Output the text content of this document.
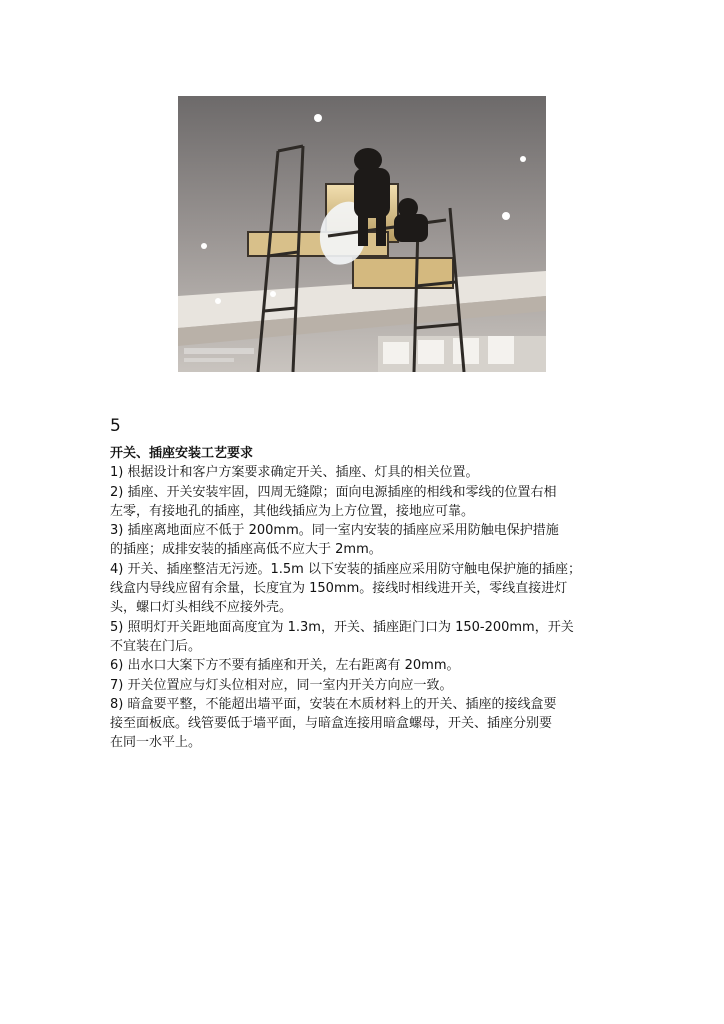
5

开关、插座安装工艺要求

1) 根据设计和客户方案要求确定开关、插座、灯具的相关位置。

2) 插座、开关安装牢固，四周无缝隙；面向电源插座的相线和零线的位置右相

左零，有接地孔的插座，其他线插应为上方位置，接地应可靠。

3) 插座离地面应不低于 200mm。同一室内安装的插座应采用防触电保护措施

的插座；成排安装的插座高低不应大于 2mm。

4) 开关、插座整洁无污迹。1.5m 以下安装的插座应采用防守触电保护施的插座；

线盒内导线应留有余量，长度宜为 150mm。接线时相线进开关，零线直接进灯

头，螺口灯头相线不应接外壳。

5) 照明灯开关距地面高度宜为 1.3m，开关、插座距门口为 150-200mm，开关

不宜装在门后。

6) 出水口大案下方不要有插座和开关，左右距离有 20mm。

7) 开关位置应与灯头位相对应，同一室内开关方向应一致。

8) 暗盒要平整，不能超出墙平面，安装在木质材料上的开关、插座的接线盒要

接至面板底。线管要低于墙平面，与暗盒连接用暗盒螺母，开关、插座分别要

在同一水平上。
